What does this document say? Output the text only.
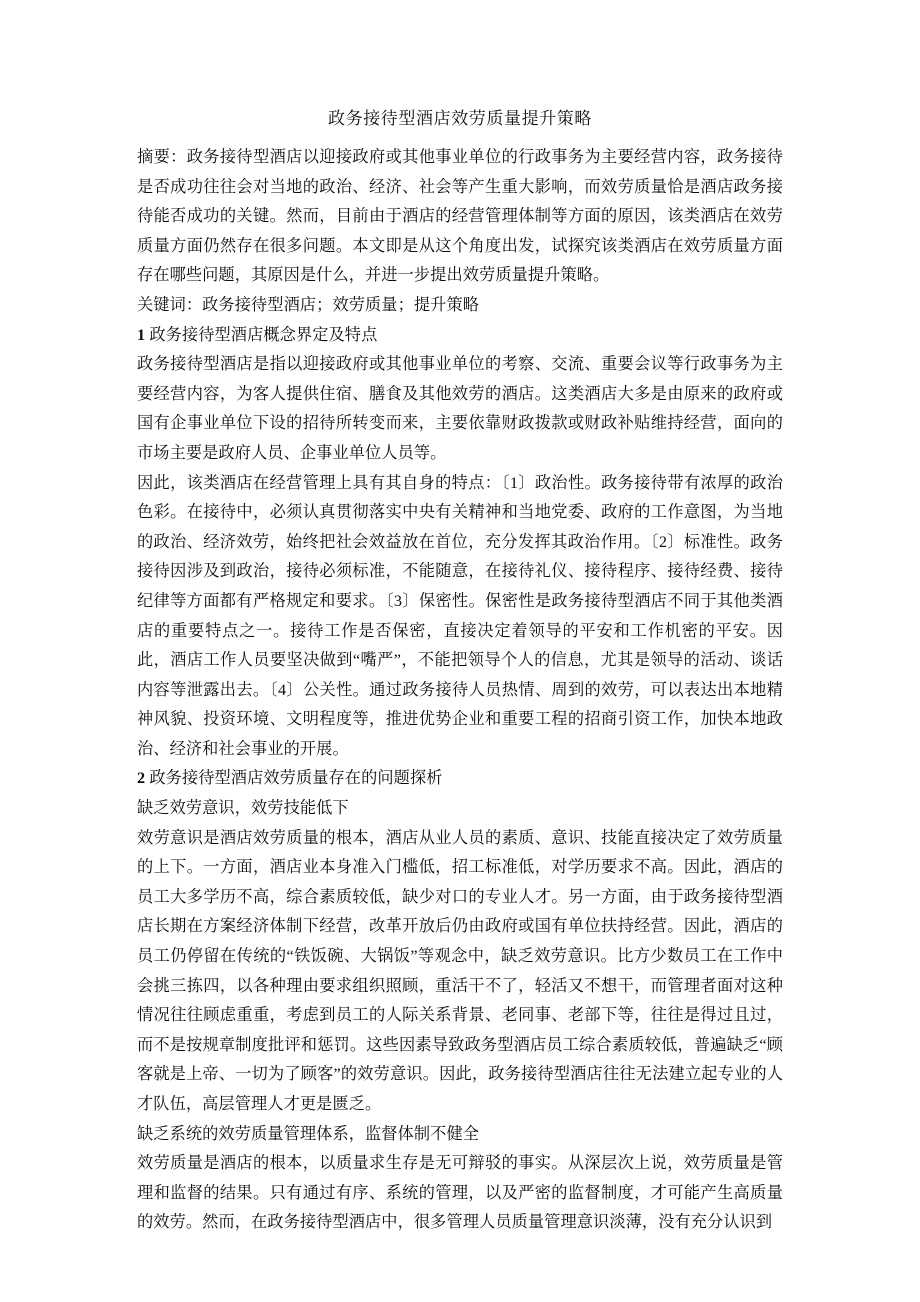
政务接待型酒店效劳质量提升策略

摘要：政务接待型酒店以迎接政府或其他事业单位的行政事务为主要经营内容，政务接待是否成功往往会对当地的政治、经济、社会等产生重大影响，而效劳质量恰是酒店政务接待能否成功的关键。然而，目前由于酒店的经营管理体制等方面的原因，该类酒店在效劳质量方面仍然存在很多问题。本文即是从这个角度出发，试探究该类酒店在效劳质量方面存在哪些问题，其原因是什么，并进一步提出效劳质量提升策略。

关键词：政务接待型酒店；效劳质量；提升策略

1 政务接待型酒店概念界定及特点

政务接待型酒店是指以迎接政府或其他事业单位的考察、交流、重要会议等行政事务为主要经营内容，为客人提供住宿、膳食及其他效劳的酒店。这类酒店大多是由原来的政府或国有企事业单位下设的招待所转变而来，主要依靠财政拨款或财政补贴维持经营，面向的市场主要是政府人员、企事业单位人员等。

因此，该类酒店在经营管理上具有其自身的特点：〔1〕政治性。政务接待带有浓厚的政治色彩。在接待中，必须认真贯彻落实中央有关精神和当地党委、政府的工作意图，为当地的政治、经济效劳，始终把社会效益放在首位，充分发挥其政治作用。〔2〕标准性。政务接待因涉及到政治，接待必须标准，不能随意，在接待礼仪、接待程序、接待经费、接待纪律等方面都有严格规定和要求。〔3〕保密性。保密性是政务接待型酒店不同于其他类酒店的重要特点之一。接待工作是否保密，直接决定着领导的平安和工作机密的平安。因此，酒店工作人员要坚决做到“嘴严”，不能把领导个人的信息，尤其是领导的活动、谈话内容等泄露出去。〔4〕公关性。通过政务接待人员热情、周到的效劳，可以表达出本地精神风貌、投资环境、文明程度等，推进优势企业和重要工程的招商引资工作，加快本地政治、经济和社会事业的开展。

2 政务接待型酒店效劳质量存在的问题探析

缺乏效劳意识，效劳技能低下

效劳意识是酒店效劳质量的根本，酒店从业人员的素质、意识、技能直接决定了效劳质量的上下。一方面，酒店业本身准入门槛低，招工标准低，对学历要求不高。因此，酒店的员工大多学历不高，综合素质较低，缺少对口的专业人才。另一方面，由于政务接待型酒店长期在方案经济体制下经营，改革开放后仍由政府或国有单位扶持经营。因此，酒店的员工仍停留在传统的“铁饭碗、大锅饭”等观念中，缺乏效劳意识。比方少数员工在工作中会挑三拣四，以各种理由要求组织照顾，重活干不了，轻活又不想干，而管理者面对这种情况往往顾虑重重，考虑到员工的人际关系背景、老同事、老部下等，往往是得过且过，而不是按规章制度批评和惩罚。这些因素导致政务型酒店员工综合素质较低，普遍缺乏“顾客就是上帝、一切为了顾客”的效劳意识。因此，政务接待型酒店往往无法建立起专业的人才队伍，高层管理人才更是匮乏。

缺乏系统的效劳质量管理体系，监督体制不健全

效劳质量是酒店的根本，以质量求生存是无可辩驳的事实。从深层次上说，效劳质量是管理和监督的结果。只有通过有序、系统的管理，以及严密的监督制度，才可能产生高质量的效劳。然而，在政务接待型酒店中，很多管理人员质量管理意识淡薄，没有充分认识到
